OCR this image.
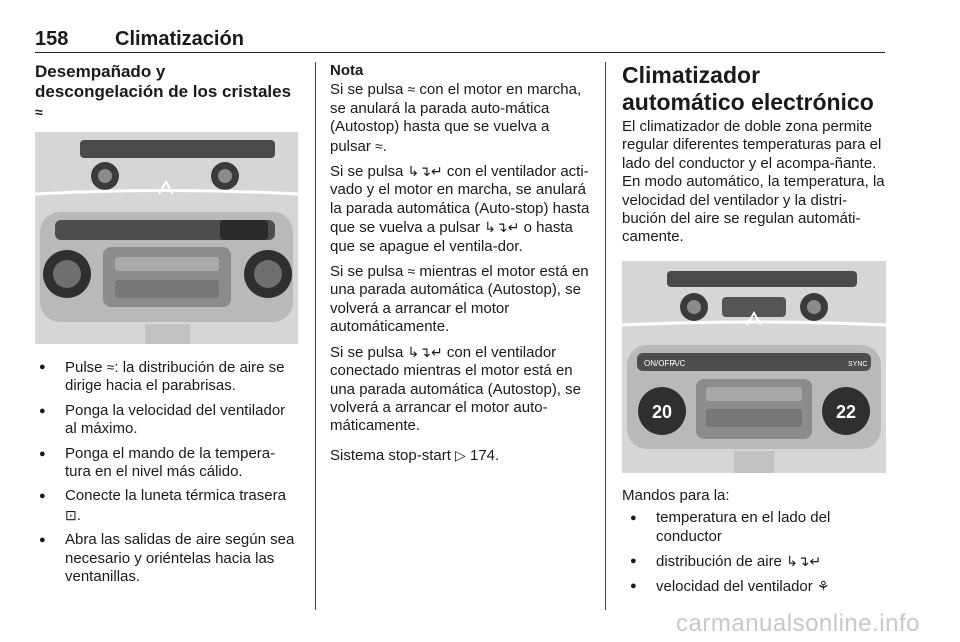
158 Climatización
Desempañado y descongelación de los cristales ≈
● Pulse ≈: la distribución de aire se dirige hacia el parabrisas.
● Ponga la velocidad del ventilador al máximo.
● Ponga el mando de la tempera-tura en el nivel más cálido.
● Conecte la luneta térmica trasera ⊡.
● Abra las salidas de aire según sea necesario y oriéntelas hacia las ventanillas.
Nota

Si se pulsa ≈ con el motor en marcha, se anulará la parada auto-mática (Autostop) hasta que se vuelva a pulsar ≈.

Si se pulsa ↳↴↵ con el ventilador acti-vado y el motor en marcha, se anulará la parada automática (Auto-stop) hasta que se vuelva a pulsar ↳↴↵ o hasta que se apague el ventila-dor.

Si se pulsa ≈ mientras el motor está en una parada automática (Autostop), se volverá a arrancar el motor automáticamente.

Si se pulsa ↳↴↵ con el ventilador conectado mientras el motor está en una parada automática (Autostop), se volverá a arrancar el motor auto-máticamente.

Sistema stop-start ▷ 174.

Climatizador automático electrónico

El climatizador de doble zona permite regular diferentes temperaturas para el lado del conductor y el acompa-ñante.

En modo automático, la temperatura, la velocidad del ventilador y la distri-bución del aire se regulan automáti-camente.

ON/OFF
A/C	SYNC
20	22

Mandos para la:

● temperatura en el lado del conductor
● distribución de aire ↳↴↵
● velocidad del ventilador ⚘
carmanualsonline.info
